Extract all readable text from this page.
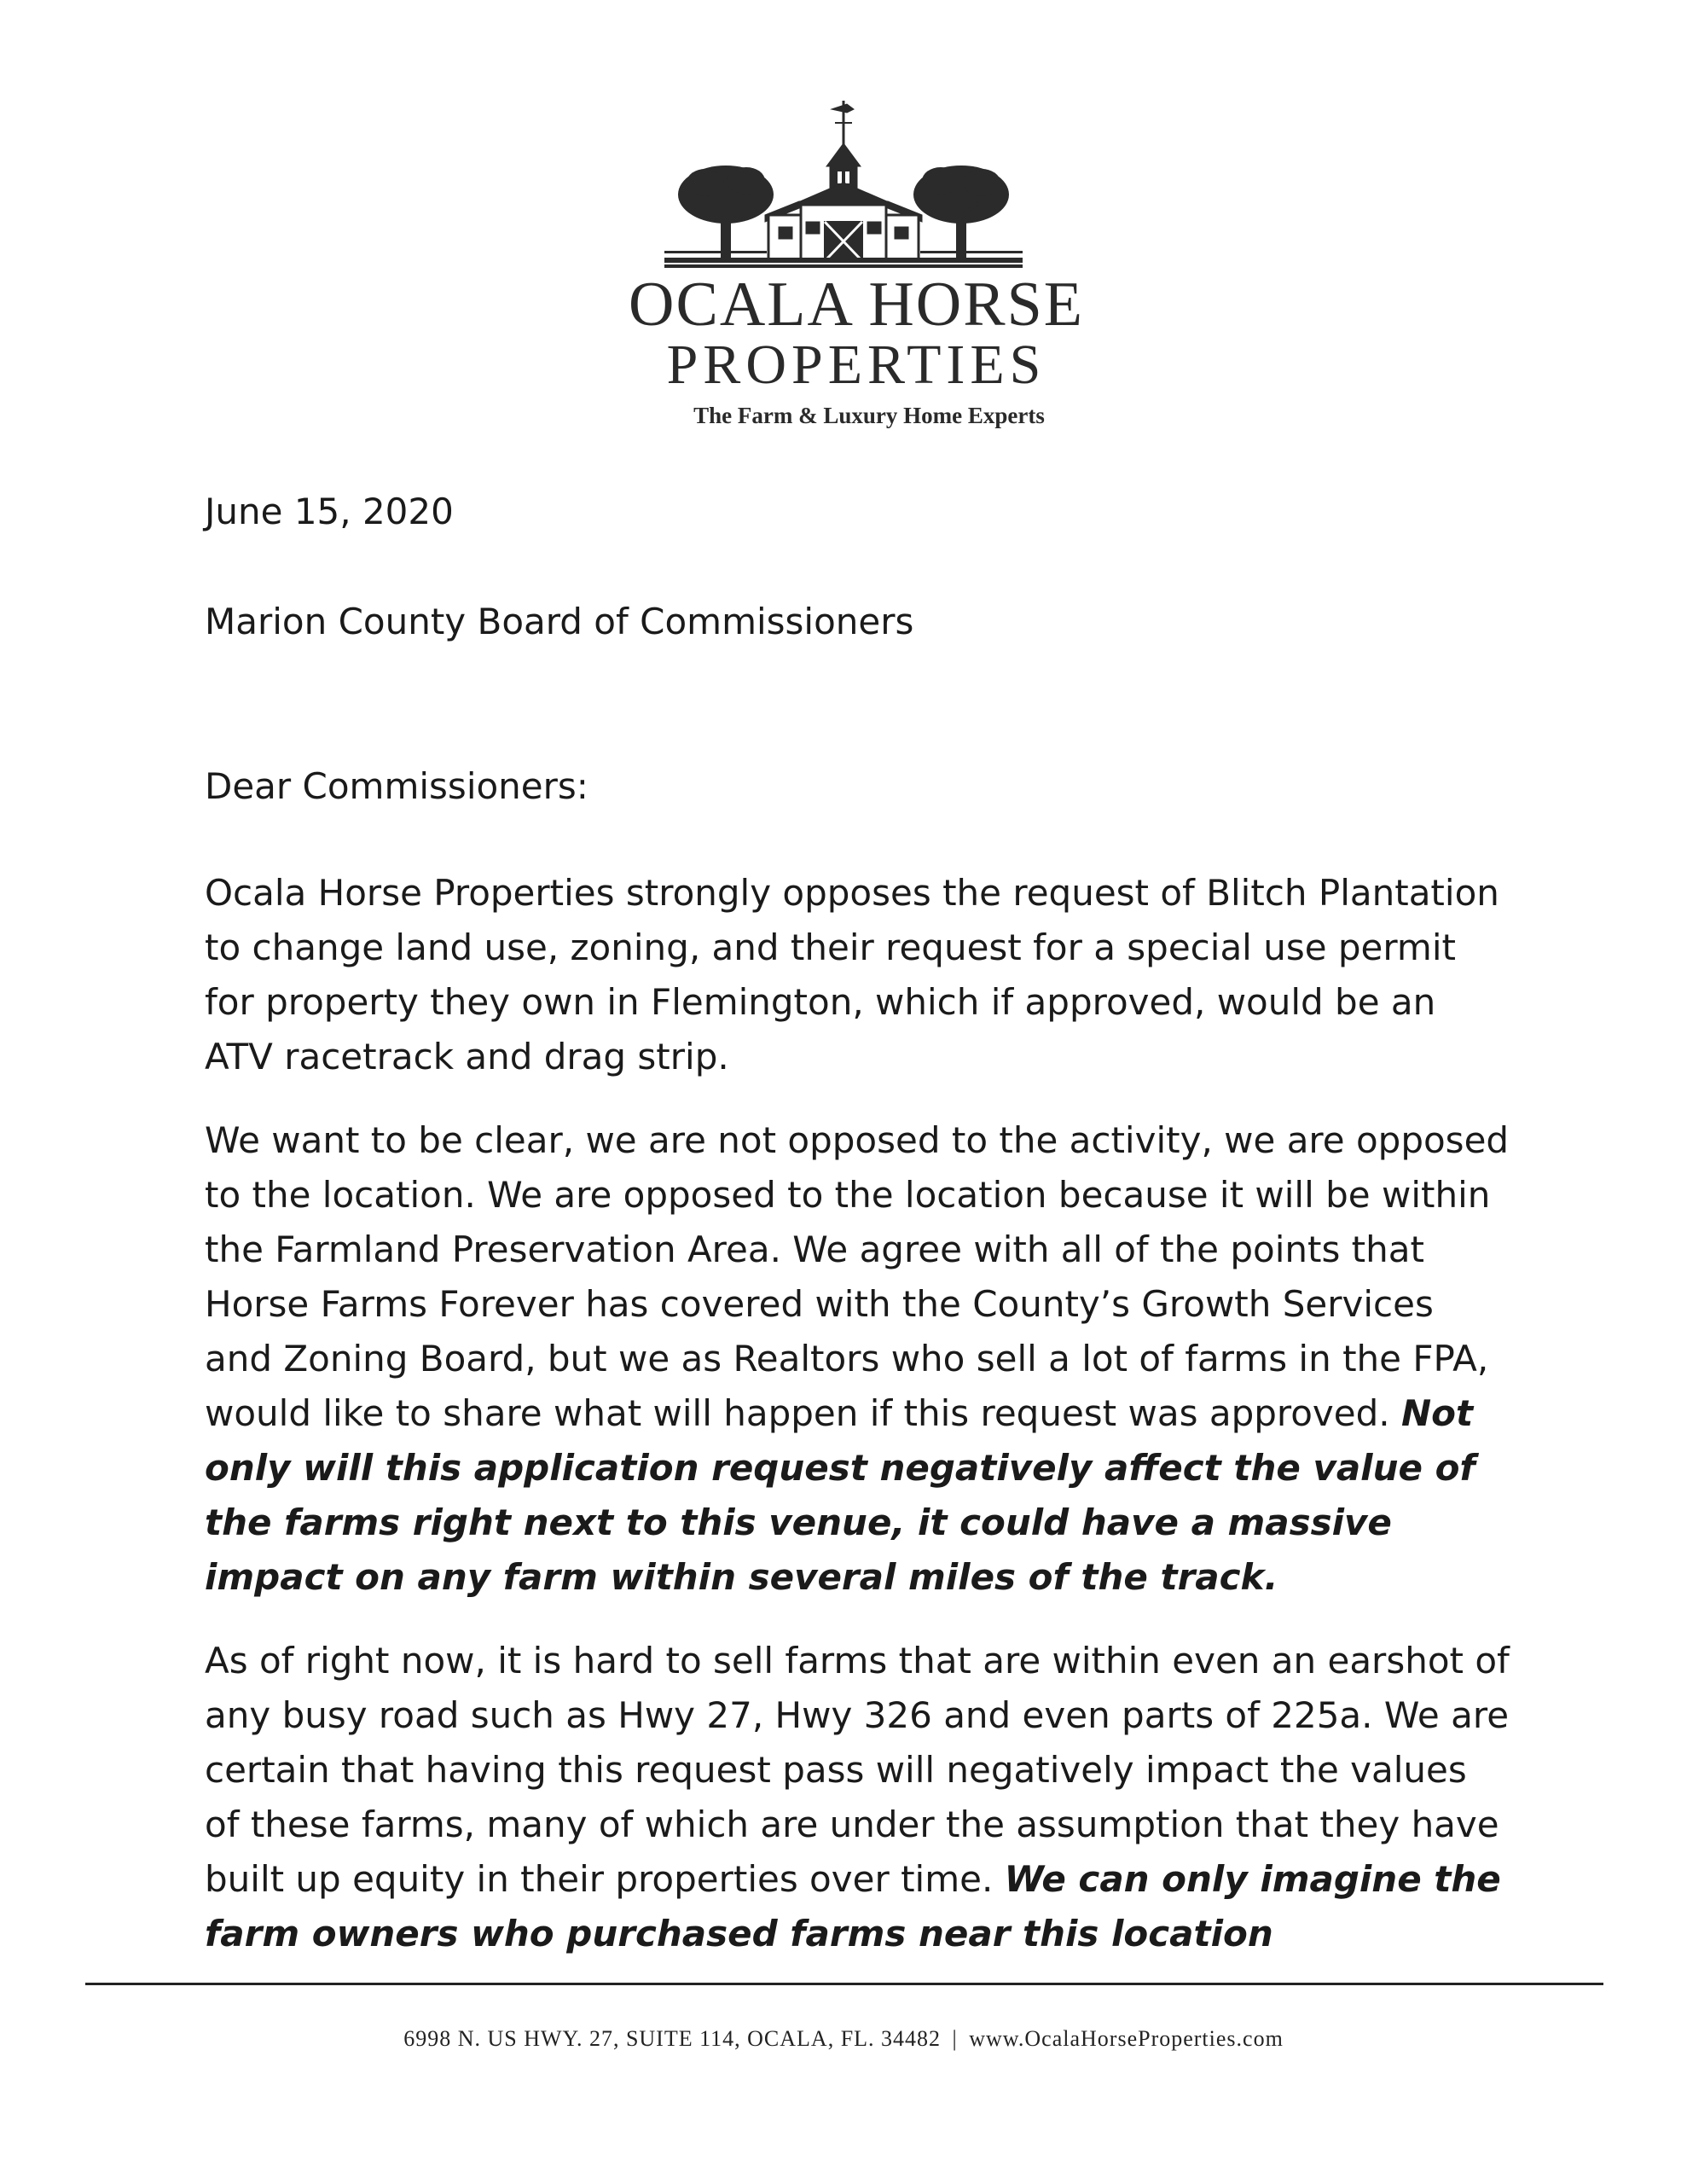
OCALA HORSE
PROPERTIES
The Farm & Luxury Home Experts
June 15, 2020
Marion County Board of Commissioners
Dear Commissioners:
Ocala Horse Properties strongly opposes the request of Blitch Plantation to change land use, zoning, and their request for a special use permit for property they own in Flemington, which if approved, would be an ATV racetrack and drag strip.
We want to be clear, we are not opposed to the activity, we are opposed to the location. We are opposed to the location because it will be within the Farmland Preservation Area. We agree with all of the points that Horse Farms Forever has covered with the County’s Growth Services and Zoning Board, but we as Realtors who sell a lot of farms in the FPA, would like to share what will happen if this request was approved. Not only will this application request negatively affect the value of the farms right next to this venue, it could have a massive impact on any farm within several miles of the track.
As of right now, it is hard to sell farms that are within even an earshot of any busy road such as Hwy 27, Hwy 326 and even parts of 225a. We are certain that having this request pass will negatively impact the values of these farms, many of which are under the assumption that they have built up equity in their properties over time. We can only imagine the farm owners who purchased farms near this location
6998 N. US HWY. 27, SUITE 114, OCALA, FL. 34482 | www.OcalaHorseProperties.com
